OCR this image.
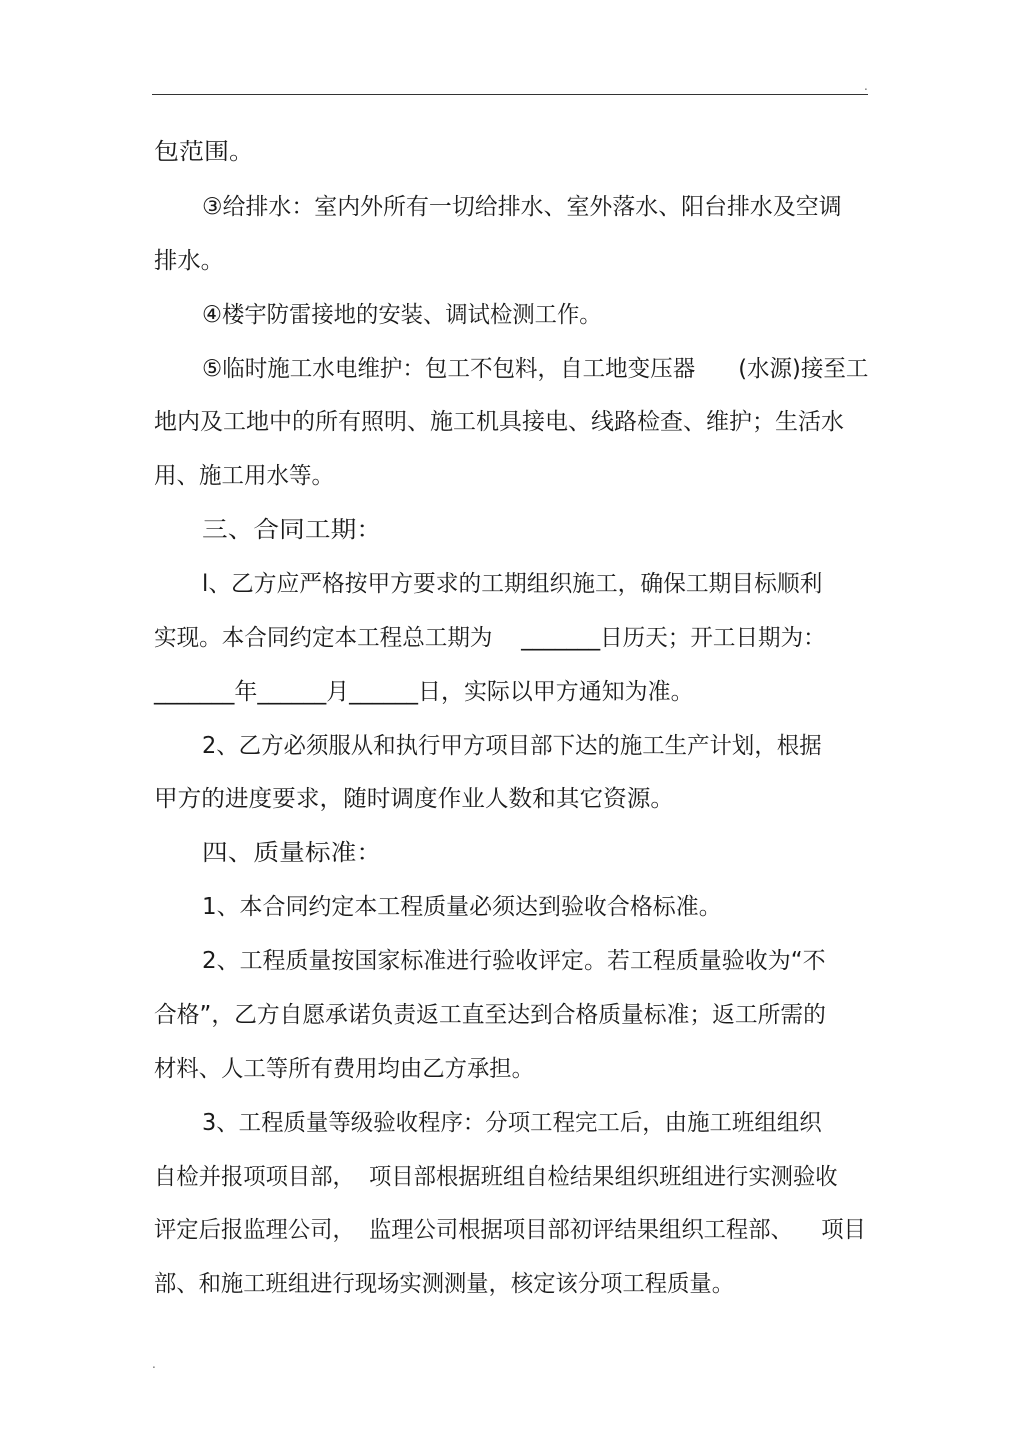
.
包范围。
③给排水：室内外所有一切给排水、室外落水、阳台排水及空调
排水。
④楼宇防雷接地的安装、调试检测工作。
⑤临时施工水电维护：包工不包料，自工地变压器      (水源)接至工
地内及工地中的所有照明、施工机具接电、线路检查、维护；生活水
用、施工用水等。
三、合同工期：
l、乙方应严格按甲方要求的工期组织施工，确保工期目标顺利
实现。本合同约定本工程总工期为    _______日历天；开工日期为：
_______年______月______日，实际以甲方通知为准。
2、乙方必须服从和执行甲方项目部下达的施工生产计划，根据
甲方的进度要求，随时调度作业人数和其它资源。
四、质量标准：
1、本合同约定本工程质量必须达到验收合格标准。
2、工程质量按国家标准进行验收评定。若工程质量验收为“不
合格”，乙方自愿承诺负责返工直至达到合格质量标准；返工所需的
材料、人工等所有费用均由乙方承担。
3、工程质量等级验收程序：分项工程完工后，由施工班组组织
自检并报项项目部，  项目部根据班组自检结果组织班组进行实测验收
评定后报监理公司，  监理公司根据项目部初评结果组织工程部、    项目
部、和施工班组进行现场实测测量，核定该分项工程质量。
.
